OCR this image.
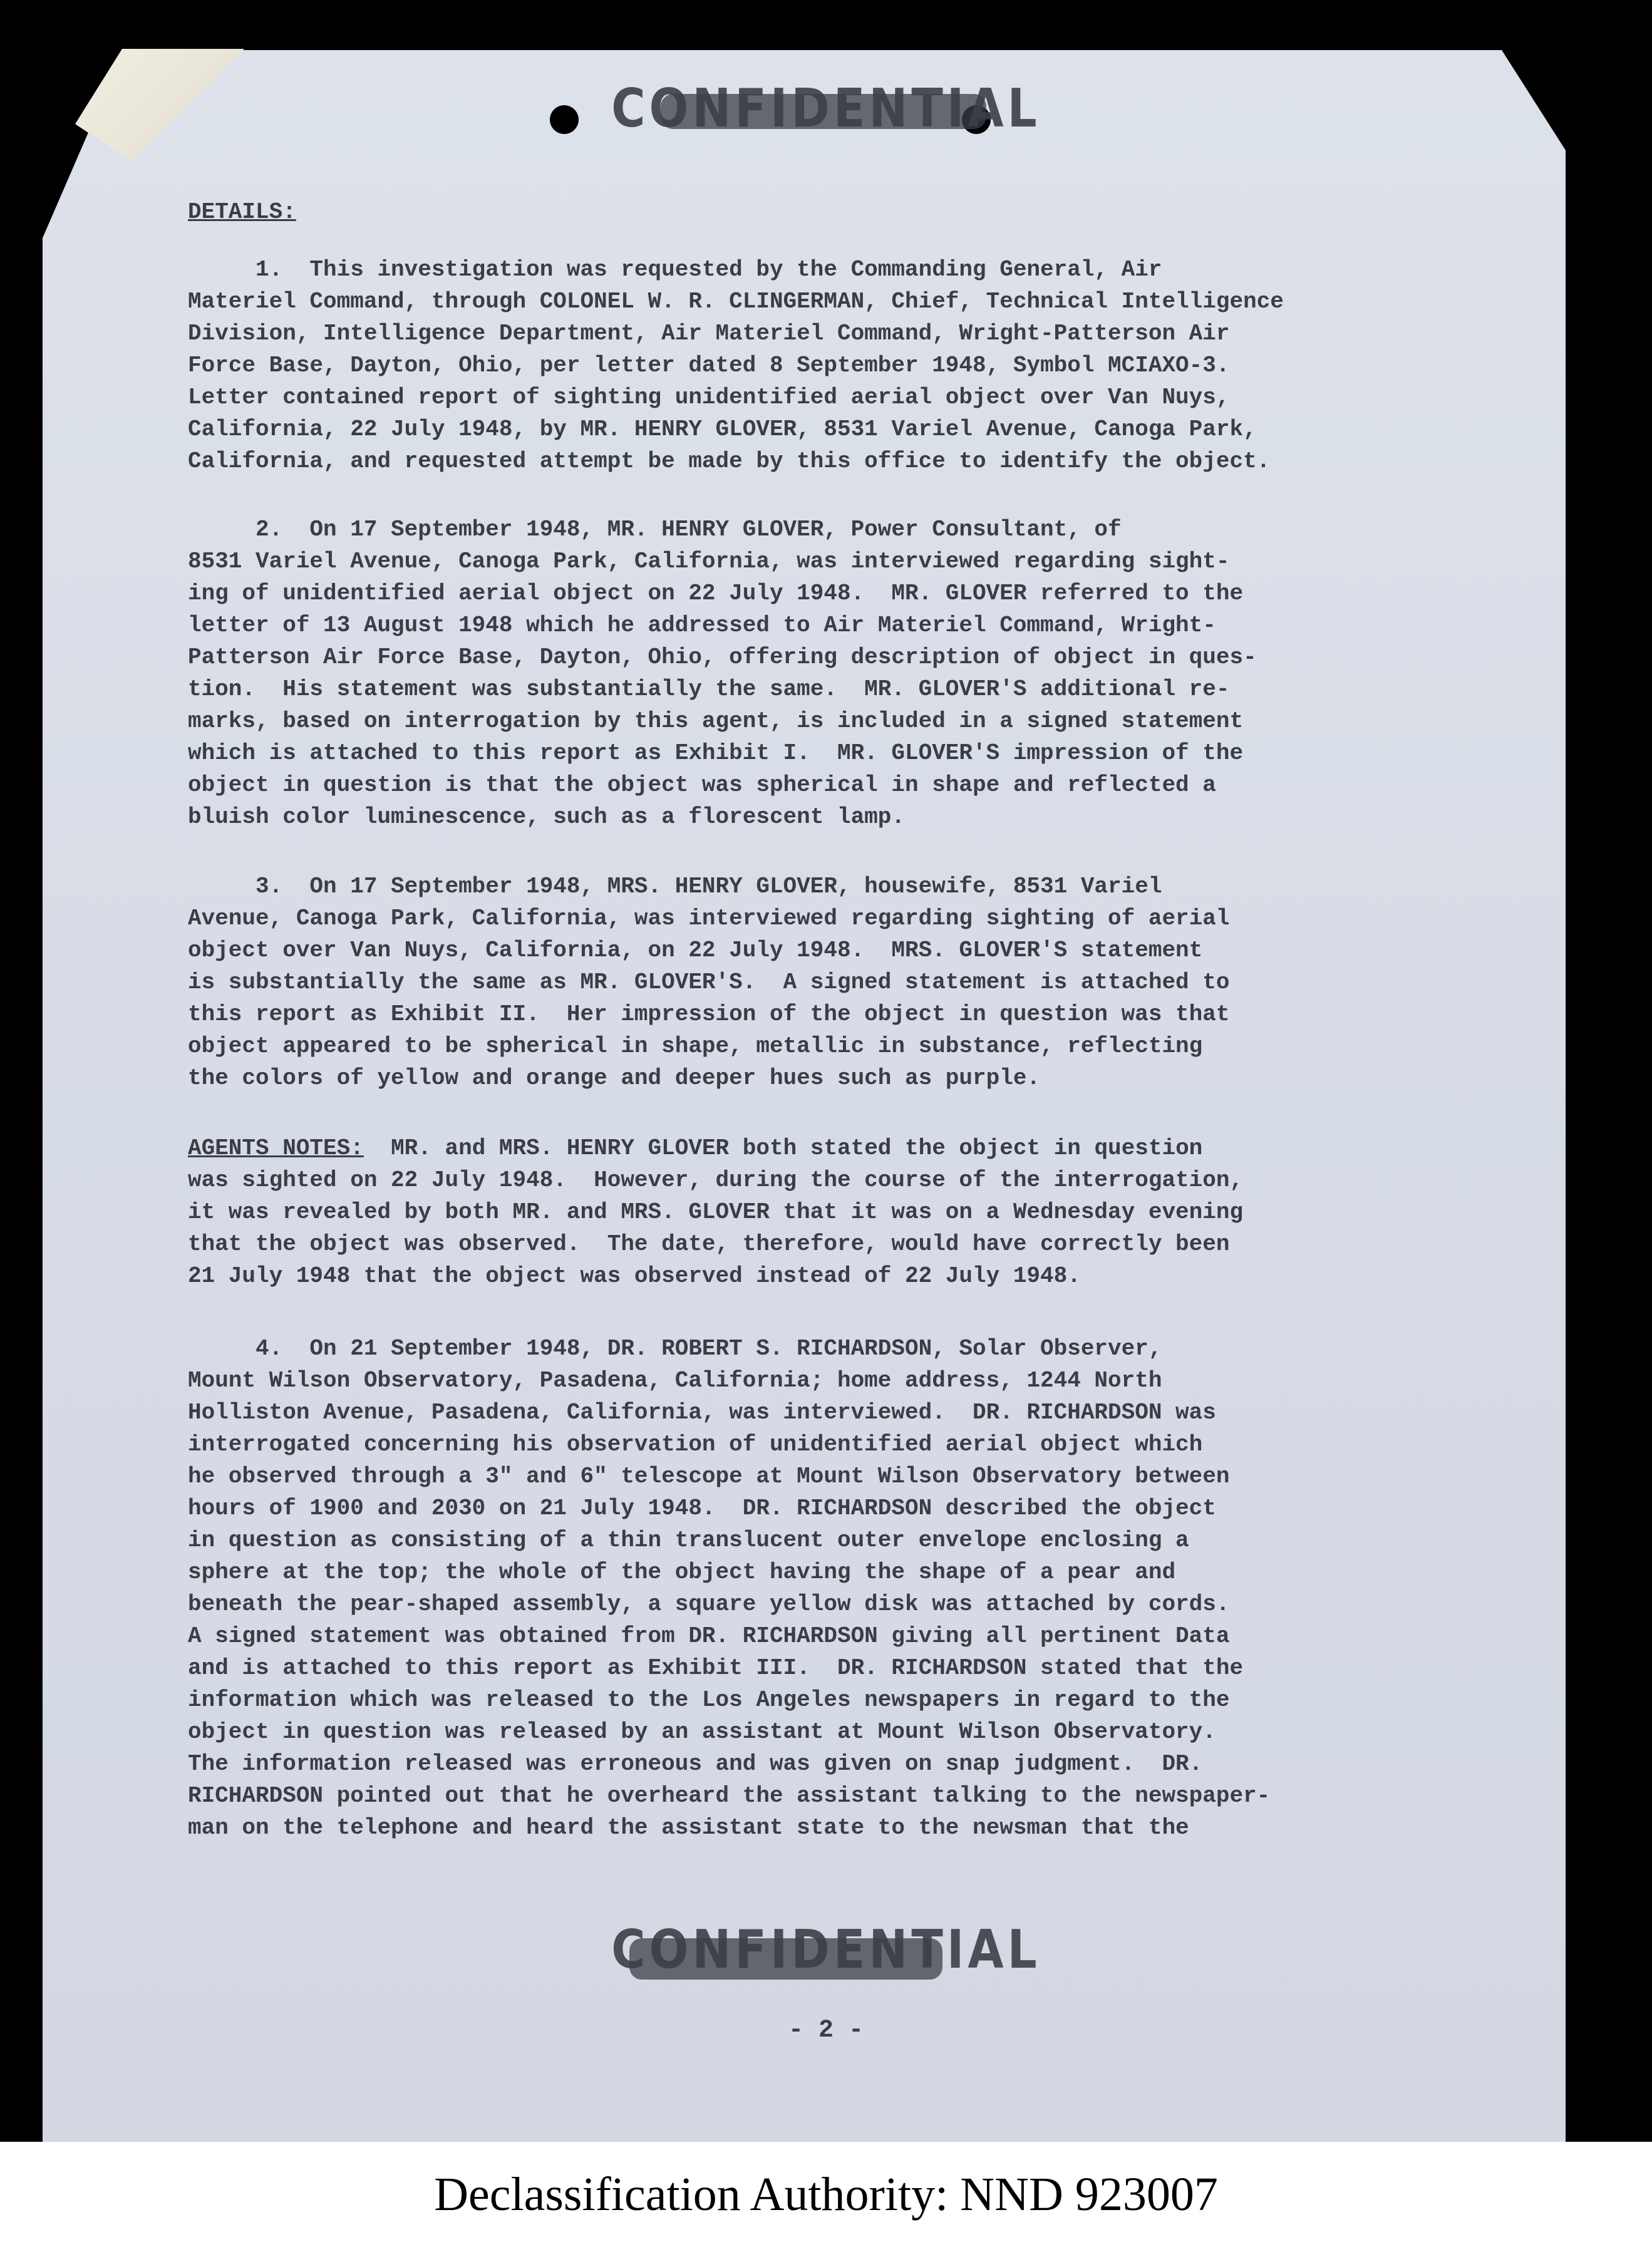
CONFIDENTIAL
DETAILS:
1.  This investigation was requested by the Commanding General, Air
Materiel Command, through COLONEL W. R. CLINGERMAN, Chief, Technical Intelligence
Division, Intelligence Department, Air Materiel Command, Wright-Patterson Air
Force Base, Dayton, Ohio, per letter dated 8 September 1948, Symbol MCIAXO-3.
Letter contained report of sighting unidentified aerial object over Van Nuys,
California, 22 July 1948, by MR. HENRY GLOVER, 8531 Variel Avenue, Canoga Park,
California, and requested attempt be made by this office to identify the object.
2.  On 17 September 1948, MR. HENRY GLOVER, Power Consultant, of
8531 Variel Avenue, Canoga Park, California, was interviewed regarding sight-
ing of unidentified aerial object on 22 July 1948.  MR. GLOVER referred to the
letter of 13 August 1948 which he addressed to Air Materiel Command, Wright-
Patterson Air Force Base, Dayton, Ohio, offering description of object in ques-
tion.  His statement was substantially the same.  MR. GLOVER'S additional re-
marks, based on interrogation by this agent, is included in a signed statement
which is attached to this report as Exhibit I.  MR. GLOVER'S impression of the
object in question is that the object was spherical in shape and reflected a
bluish color luminescence, such as a florescent lamp.
3.  On 17 September 1948, MRS. HENRY GLOVER, housewife, 8531 Variel
Avenue, Canoga Park, California, was interviewed regarding sighting of aerial
object over Van Nuys, California, on 22 July 1948.  MRS. GLOVER'S statement
is substantially the same as MR. GLOVER'S.  A signed statement is attached to
this report as Exhibit II.  Her impression of the object in question was that
object appeared to be spherical in shape, metallic in substance, reflecting
the colors of yellow and orange and deeper hues such as purple.
AGENTS NOTES:  MR. and MRS. HENRY GLOVER both stated the object in question
was sighted on 22 July 1948.  However, during the course of the interrogation,
it was revealed by both MR. and MRS. GLOVER that it was on a Wednesday evening
that the object was observed.  The date, therefore, would have correctly been
21 July 1948 that the object was observed instead of 22 July 1948.
4.  On 21 September 1948, DR. ROBERT S. RICHARDSON, Solar Observer,
Mount Wilson Observatory, Pasadena, California; home address, 1244 North
Holliston Avenue, Pasadena, California, was interviewed.  DR. RICHARDSON was
interrogated concerning his observation of unidentified aerial object which
he observed through a 3" and 6" telescope at Mount Wilson Observatory between
hours of 1900 and 2030 on 21 July 1948.  DR. RICHARDSON described the object
in question as consisting of a thin translucent outer envelope enclosing a
sphere at the top; the whole of the object having the shape of a pear and
beneath the pear-shaped assembly, a square yellow disk was attached by cords.
A signed statement was obtained from DR. RICHARDSON giving all pertinent Data
and is attached to this report as Exhibit III.  DR. RICHARDSON stated that the
information which was released to the Los Angeles newspapers in regard to the
object in question was released by an assistant at Mount Wilson Observatory.
The information released was erroneous and was given on snap judgment.  DR.
RICHARDSON pointed out that he overheard the assistant talking to the newspaper-
man on the telephone and heard the assistant state to the newsman that the
CONFIDENTIAL
- 2 -
Declassification Authority: NND 923007
